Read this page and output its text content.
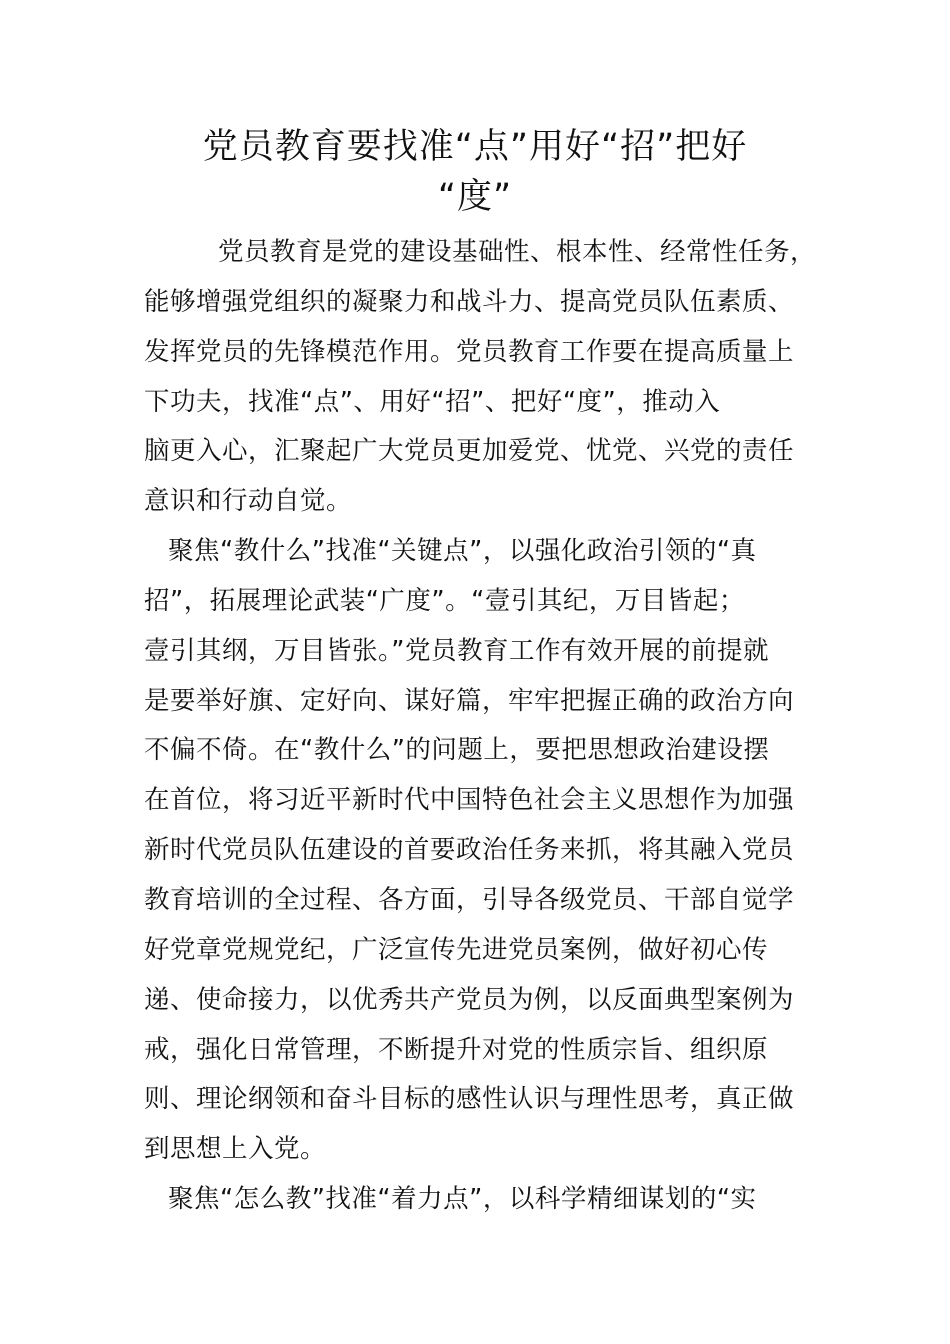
党员教育要找准“点”用好“招”把好
“度”
党员教育是党的建设基础性、根本性、经常性任务，
能够增强党组织的凝聚力和战斗力、提高党员队伍素质、
发挥党员的先锋模范作用。党员教育工作要在提高质量上
下功夫，找准“点”、用好“招”、把好“度”，推动入
脑更入心，汇聚起广大党员更加爱党、忧党、兴党的责任
意识和行动自觉。
聚焦“教什么”找准“关键点”，以强化政治引领的“真
招”，拓展理论武装“广度”。“壹引其纪，万目皆起；
壹引其纲，万目皆张。”党员教育工作有效开展的前提就
是要举好旗、定好向、谋好篇，牢牢把握正确的政治方向
不偏不倚。在“教什么”的问题上，要把思想政治建设摆
在首位，将习近平新时代中国特色社会主义思想作为加强
新时代党员队伍建设的首要政治任务来抓，将其融入党员
教育培训的全过程、各方面，引导各级党员、干部自觉学
好党章党规党纪，广泛宣传先进党员案例，做好初心传
递、使命接力，以优秀共产党员为例，以反面典型案例为
戒，强化日常管理，不断提升对党的性质宗旨、组织原
则、理论纲领和奋斗目标的感性认识与理性思考，真正做
到思想上入党。
聚焦“怎么教”找准“着力点”，以科学精细谋划的“实
